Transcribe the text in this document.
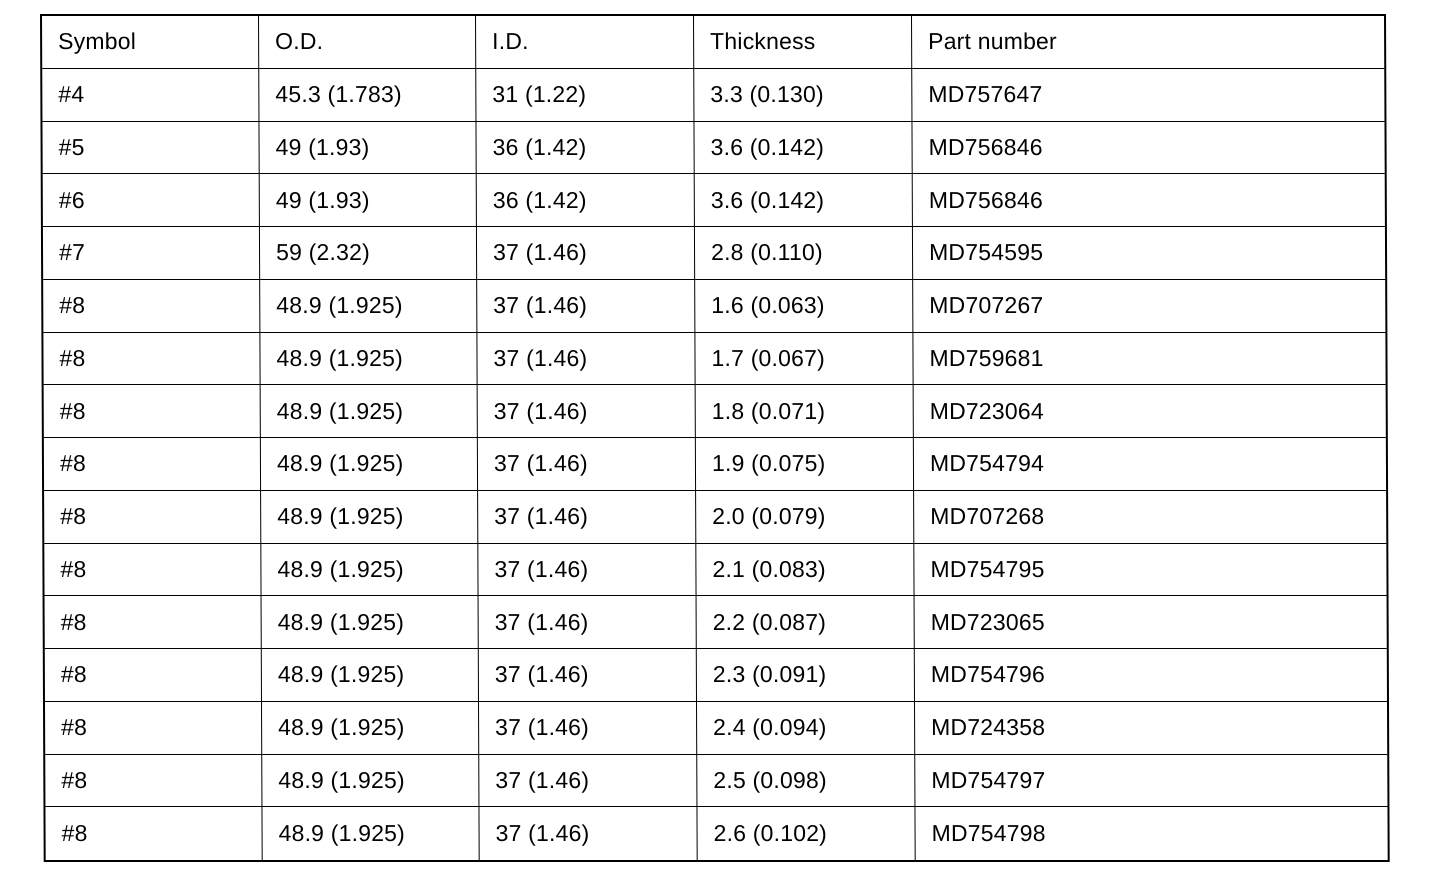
Symbol	O.D.	I.D.	Thickness	Part number
#4	45.3 (1.783)	31 (1.22)	3.3 (0.130)	MD757647
#5	49 (1.93)	36 (1.42)	3.6 (0.142)	MD756846
#6	49 (1.93)	36 (1.42)	3.6 (0.142)	MD756846
#7	59 (2.32)	37 (1.46)	2.8 (0.110)	MD754595
#8	48.9 (1.925)	37 (1.46)	1.6 (0.063)	MD707267
#8	48.9 (1.925)	37 (1.46)	1.7 (0.067)	MD759681
#8	48.9 (1.925)	37 (1.46)	1.8 (0.071)	MD723064
#8	48.9 (1.925)	37 (1.46)	1.9 (0.075)	MD754794
#8	48.9 (1.925)	37 (1.46)	2.0 (0.079)	MD707268
#8	48.9 (1.925)	37 (1.46)	2.1 (0.083)	MD754795
#8	48.9 (1.925)	37 (1.46)	2.2 (0.087)	MD723065
#8	48.9 (1.925)	37 (1.46)	2.3 (0.091)	MD754796
#8	48.9 (1.925)	37 (1.46)	2.4 (0.094)	MD724358
#8	48.9 (1.925)	37 (1.46)	2.5 (0.098)	MD754797
#8	48.9 (1.925)	37 (1.46)	2.6 (0.102)	MD754798
